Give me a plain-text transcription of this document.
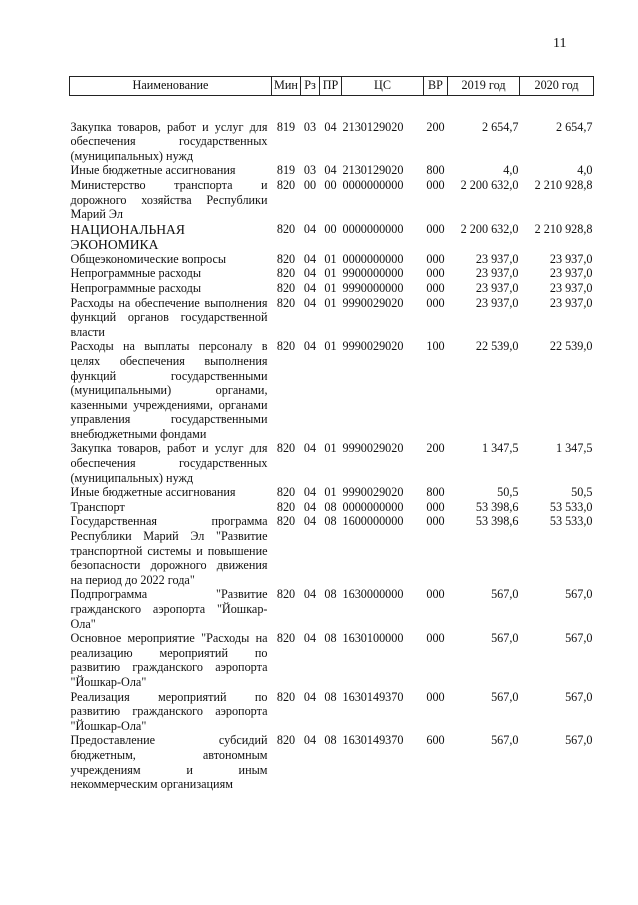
11
Наименование	Мин	Рз	ПР	ЦС	ВР	2019 год	2020 год
Закупка товаров, работ и услуг для обеспечения государственных (муниципальных) нужд	819	03	04	2130129020	200	2 654,7	2 654,7
Иные бюджетные ассигнования	819	03	04	2130129020	800	4,0	4,0
Министерство транспорта и дорожного хозяйства Республики Марий Эл	820	00	00	0000000000	000	2 200 632,0	2 210 928,8
НАЦИОНАЛЬНАЯ ЭКОНОМИКА	820	04	00	0000000000	000	2 200 632,0	2 210 928,8
Общеэкономические вопросы	820	04	01	0000000000	000	23 937,0	23 937,0
Непрограммные расходы	820	04	01	9900000000	000	23 937,0	23 937,0
Непрограммные расходы	820	04	01	9990000000	000	23 937,0	23 937,0
Расходы на обеспечение выполнения функций органов государственной власти	820	04	01	9990029020	000	23 937,0	23 937,0
Расходы на выплаты персоналу в целях обеспечения выполнения функций государственными (муниципальными) органами, казенными учреждениями, органами управления государственными внебюджетными фондами	820	04	01	9990029020	100	22 539,0	22 539,0
Закупка товаров, работ и услуг для обеспечения государственных (муниципальных) нужд	820	04	01	9990029020	200	1 347,5	1 347,5
Иные бюджетные ассигнования	820	04	01	9990029020	800	50,5	50,5
Транспорт	820	04	08	0000000000	000	53 398,6	53 533,0
Государственная программа Республики Марий Эл "Развитие транспортной системы и повышение безопасности дорожного движения на период до 2022 года"	820	04	08	1600000000	000	53 398,6	53 533,0
Подпрограмма "Развитие гражданского аэропорта "Йошкар-Ола"	820	04	08	1630000000	000	567,0	567,0
Основное мероприятие "Расходы на реализацию мероприятий по развитию гражданского аэропорта "Йошкар-Ола"	820	04	08	1630100000	000	567,0	567,0
Реализация мероприятий по развитию гражданского аэропорта "Йошкар-Ола"	820	04	08	1630149370	000	567,0	567,0
Предоставление субсидий бюджетным, автономным учреждениям и иным некоммерческим организациям	820	04	08	1630149370	600	567,0	567,0
